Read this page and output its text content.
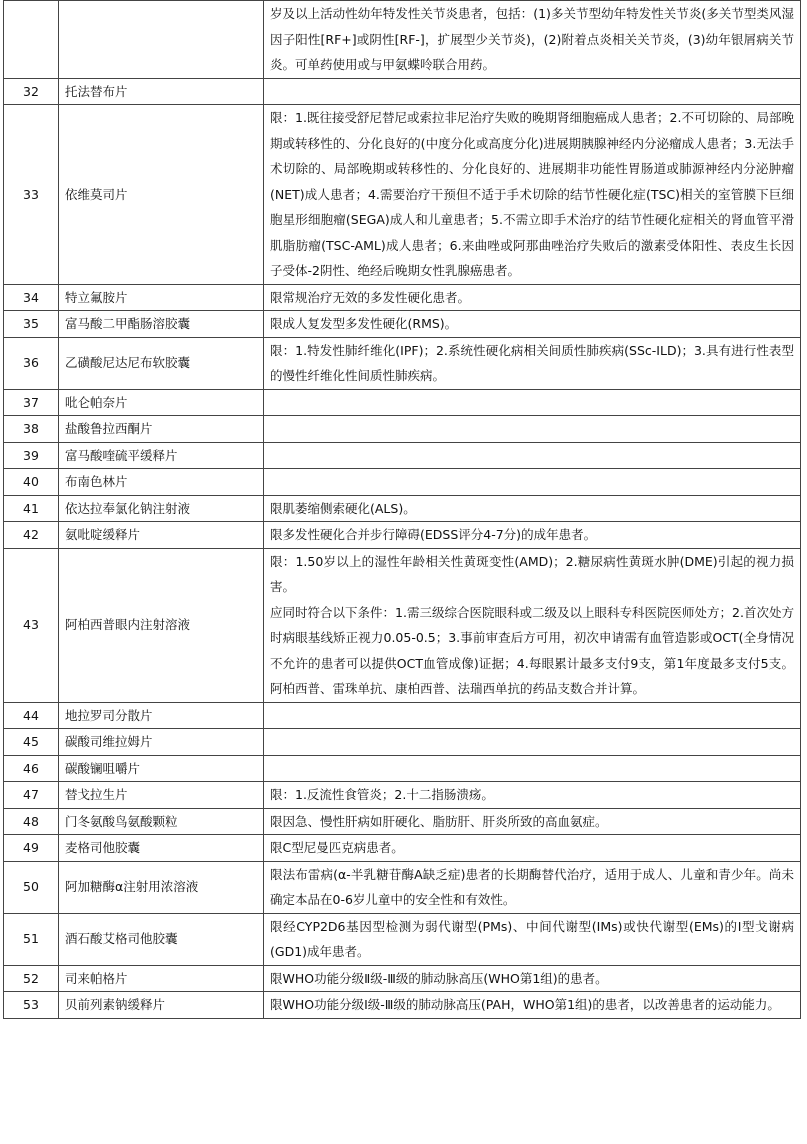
		岁及以上活动性幼年特发性关节炎患者，包括：(1)多关节型幼年特发性关节炎(多关节型类风湿因子阳性[RF+]或阴性[RF-]，扩展型少关节炎)，(2)附着点炎相关关节炎，(3)幼年银屑病关节炎。可单药使用或与甲氨蝶呤联合用药。

32	托法替布片	
33	依维莫司片	限：1.既往接受舒尼替尼或索拉非尼治疗失败的晚期肾细胞癌成人患者；2.不可切除的、局部晚期或转移性的、分化良好的(中度分化或高度分化)进展期胰腺神经内分泌瘤成人患者；3.无法手术切除的、局部晚期或转移性的、分化良好的、进展期非功能性胃肠道或肺源神经内分泌肿瘤(NET)成人患者；4.需要治疗干预但不适于手术切除的结节性硬化症(TSC)相关的室管膜下巨细胞星形细胞瘤(SEGA)成人和儿童患者；5.不需立即手术治疗的结节性硬化症相关的肾血管平滑肌脂肪瘤(TSC-AML)成人患者；6.来曲唑或阿那曲唑治疗失败后的激素受体阳性、表皮生长因子受体-2阴性、绝经后晚期女性乳腺癌患者。

34	特立氟胺片	限常规治疗无效的多发性硬化患者。

35	富马酸二甲酯肠溶胶囊	限成人复发型多发性硬化(RMS)。

36	乙磺酸尼达尼布软胶囊	限：1.特发性肺纤维化(IPF)；2.系统性硬化病相关间质性肺疾病(SSc-ILD)；3.具有进行性表型的慢性纤维化性间质性肺疾病。

37	吡仑帕奈片	
38	盐酸鲁拉西酮片	
39	富马酸喹硫平缓释片	
40	布南色林片	
41	依达拉奉氯化钠注射液	限肌萎缩侧索硬化(ALS)。

42	氨吡啶缓释片	限多发性硬化合并步行障碍(EDSS评分4-7分)的成年患者。

43	阿柏西普眼内注射溶液	限：1.50岁以上的湿性年龄相关性黄斑变性(AMD)；2.糖尿病性黄斑水肿(DME)引起的视力损害。

应同时符合以下条件：1.需三级综合医院眼科或二级及以上眼科专科医院医师处方；2.首次处方时病眼基线矫正视力0.05-0.5；3.事前审查后方可用，初次申请需有血管造影或OCT(全身情况不允许的患者可以提供OCT血管成像)证据；4.每眼累计最多支付9支，第1年度最多支付5支。阿柏西普、雷珠单抗、康柏西普、法瑞西单抗的药品支数合并计算。

44	地拉罗司分散片	
45	碳酸司维拉姆片	
46	碳酸镧咀嚼片	
47	替戈拉生片	限：1.反流性食管炎；2.十二指肠溃疡。

48	门冬氨酸鸟氨酸颗粒	限因急、慢性肝病如肝硬化、脂肪肝、肝炎所致的高血氨症。

49	麦格司他胶囊	限C型尼曼匹克病患者。

50	阿加糖酶α注射用浓溶液	限法布雷病(α-半乳糖苷酶A缺乏症)患者的长期酶替代治疗，适用于成人、儿童和青少年。尚未确定本品在0-6岁儿童中的安全性和有效性。

51	酒石酸艾格司他胶囊	限经CYP2D6基因型检测为弱代谢型(PMs)、中间代谢型(IMs)或快代谢型(EMs)的Ⅰ型戈谢病(GD1)成年患者。

52	司来帕格片	限WHO功能分级Ⅱ级-Ⅲ级的肺动脉高压(WHO第1组)的患者。

53	贝前列素钠缓释片	限WHO功能分级Ⅰ级-Ⅲ级的肺动脉高压(PAH，WHO第1组)的患者，以改善患者的运动能力。
